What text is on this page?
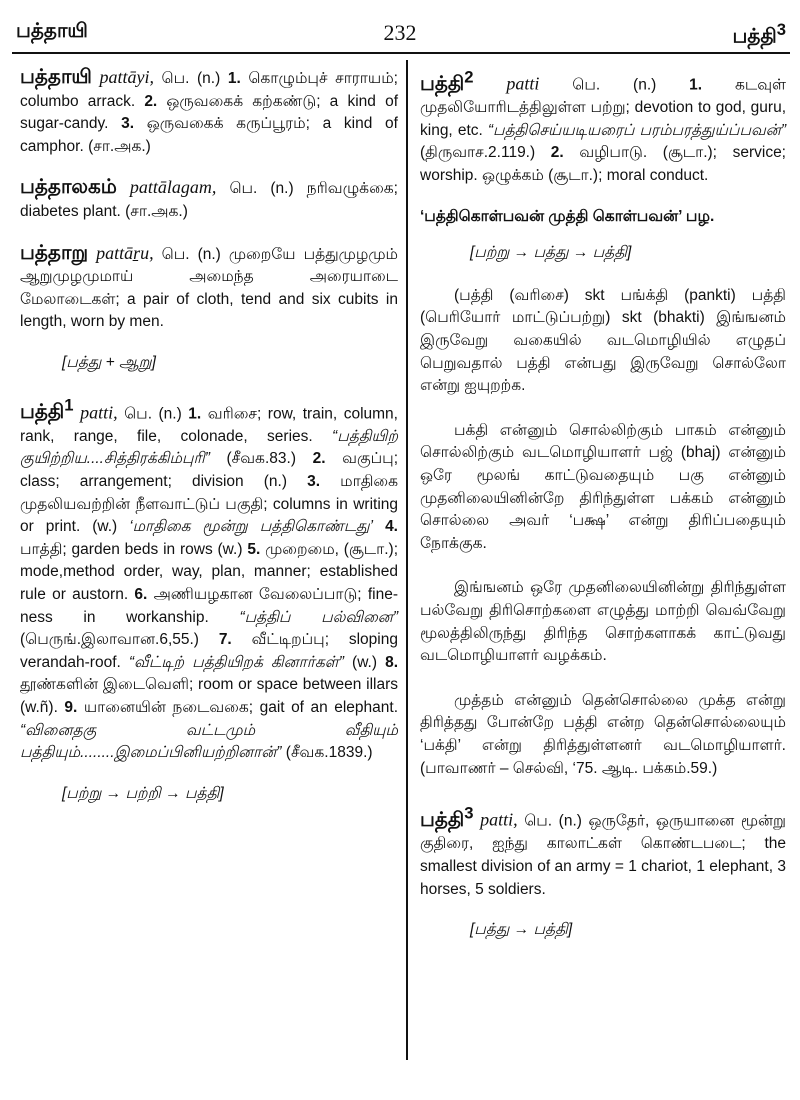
பத்தாயி	232	பத்தி$^3$
பத்தாயி pattāyi, பெ. (n.) 1. கொழும்புச் சாராயம்; columbo arrack. 2. ஒருவகைக் கற்கண்டு; a kind of sugar-candy. 3. ஒருவகைக் கருப்பூரம்; a kind of camphor. (சா.அக.)
பத்தாலகம் pattālagam, பெ. (n.) நரிவழுக்கை; diabetes plant. (சா.அக.)
பத்தாறு pattāṟu, பெ. (n.) முறையே பத்துமுழமும் ஆறுமுழமுமாய் அமைந்த அரையாடை மேலாடைகள்; a pair of cloth, tend and six cubits in length, worn by men.
[பத்து + ஆறு]
பத்தி$^1$ patti, பெ. (n.) 1. வரிசை; row, train, column, rank, range, file, colonade, series. “பத்தியிற் குயிற்றிய....சித்திரக்கிம்புரி” (சீவக.83.) 2. வகுப்பு; class; arrangement; division (n.) 3. மாதிகை முதலியவற்றின் நீளவாட்டுப் பகுதி; columns in writing or print. (w.) ‘மாதிகை மூன்று பத்திகொண்டது’ 4. பாத்தி; garden beds in rows (w.) 5. முறைமை, (சூடா.); mode,method order, way, plan, manner; established rule or austorn. 6. அணியழகான வேலைப்பாடு; fine-ness in workanship. “பத்திப் பல்வினை” (பெருங்.இலாவான.6,55.) 7. வீட்டிறப்பு; sloping verandah-roof. “வீட்டிற் பத்தியிறக் கினார்கள்” (w.) 8. தூண்களின் இடைவெளி; room or space between illars (w.ñ). 9. யானையின் நடைவகை; gait of an elephant. “வினைதகு வட்டமும் வீதியும் பத்தியும்........இமைப்பினியற்றினான்” (சீவக.1839.)
[பற்று → பற்றி → பத்தி]
பத்தி$^2$ patti பெ. (n.) 1. கடவுள் முதலியோரிடத்திலுள்ள பற்று; devotion to god, guru, king, etc. “பத்திசெய்யடியரைப் பரம்பரத்துய்ப்பவன்” (திருவாச.2.119.) 2. வழிபாடு. (சூடா.); service; worship. ஒழுக்கம் (சூடா.); moral conduct.
‘பத்திகொள்பவன் முத்தி கொள்பவன்’ பழ.
[பற்று → பத்து → பத்தி]
(பத்தி (வரிசை) skt பங்க்தி (pankti) பத்தி (பெரியோர் மாட்டுப்பற்று) skt (bhakti) இங்ஙனம் இருவேறு வகையில் வடமொழியில் எழுதப் பெறுவதால் பத்தி என்பது இருவேறு சொல்லோ என்று ஐயுறற்க.
பக்தி என்னும் சொல்லிற்கும் பாகம் என்னும் சொல்லிற்கும் வடமொழியாளர் பஜ் (bhaj) என்னும் ஒரே மூலங் காட்டுவதையும் பகு என்னும் முதனிலையினின்றே திரிந்துள்ள பக்கம் என்னும் சொல்லை அவர் ‘பக்ஷ’ என்று திரிப்பதையும் நோக்குக.
இங்ஙனம் ஒரே முதனிலையினின்று திரிந்துள்ள பல்வேறு திரிசொற்களை எழுத்து மாற்றி வெவ்வேறு மூலத்திலிருந்து திரிந்த சொற்களாகக் காட்டுவது வடமொழியாளர் வழக்கம்.
முத்தம் என்னும் தென்சொல்லை முக்த என்று திரித்தது போன்றே பத்தி என்ற தென்சொல்லையும் ‘பக்தி’ என்று திரித்துள்ளனர் வடமொழியாளர். (பாவாணர் – செல்வி, ‘75. ஆடி. பக்கம்.59.)
பத்தி$^3$ patti, பெ. (n.) ஒருதேர், ஒருயானை மூன்று குதிரை, ஐந்து காலாட்கள் கொண்டபடை; the smallest division of an army = 1 chariot, 1 elephant, 3 horses, 5 soldiers.
[பத்து → பத்தி]
